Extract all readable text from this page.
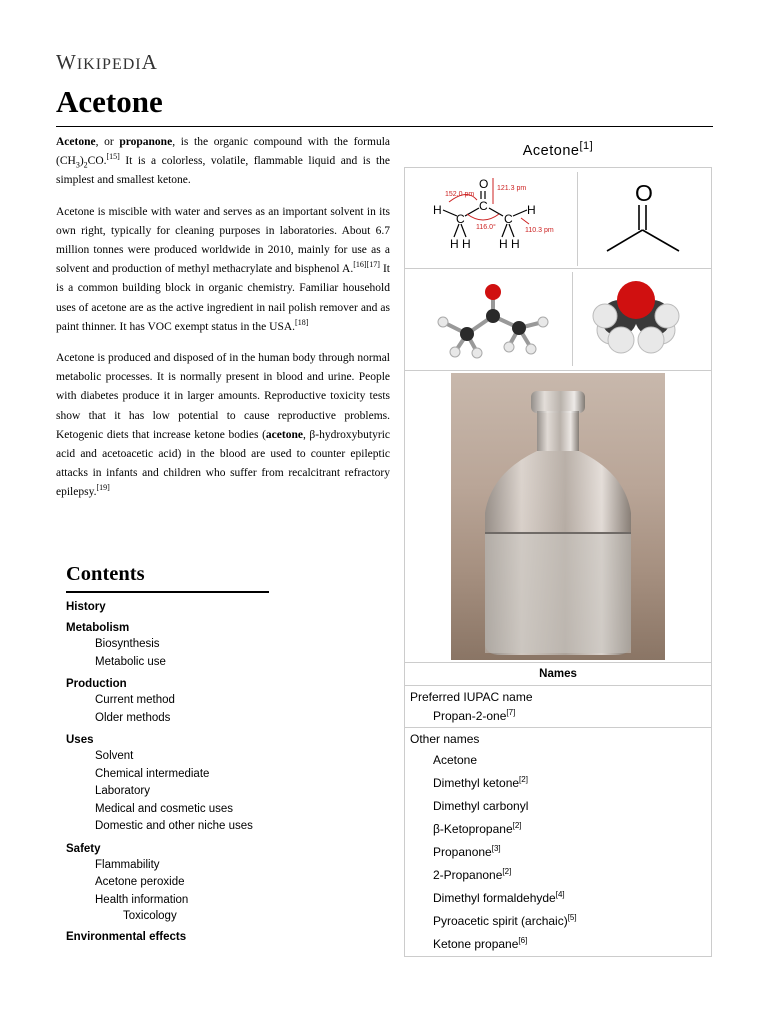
WIKIPEDIA
Acetone

Acetone, or propanone, is the organic compound with the formula $(CH_3)_2CO.[15]$ It is a colorless, volatile, flammable liquid and is the simplest and smallest ketone.

Acetone is miscible with water and serves as an important solvent in its own right, typically for cleaning purposes in laboratories. About 6.7 million tonnes were produced worldwide in 2010, mainly for use as a solvent and production of methyl methacrylate and bisphenol A.[16][17] It is a common building block in organic chemistry. Familiar household uses of acetone are as the active ingredient in nail polish remover and as paint thinner. It has VOC exempt status in the USA.[18]

Acetone is produced and disposed of in the human body through normal metabolic processes. It is normally present in blood and urine. People with diabetes produce it in larger amounts. Reproductive toxicity tests show that it has low potential to cause reproductive problems. Ketogenic diets that increase ketone bodies (acetone, β-hydroxybutyric acid and acetoacetic acid) in the blood are used to counter epileptic attacks in infants and children who suffer from recalcitrant refractory epilepsy.[19]

Contents
History
Metabolism
Biosynthesis
Metabolic use
Production
Current method
Older methods
Uses
Solvent
Chemical intermediate
Laboratory
Medical and cosmetic uses
Domestic and other niche uses
Safety
Flammability
Acetone peroxide
Health information
Toxicology
Environmental effects
Acetone[1]
O
C
C	C
H	H
H H H H
152.0 pm
121.3 pm
116.0°	110.3 pm
O
Names
Preferred IUPAC name
Propan-2-one[7]
Other names
Acetone
Dimethyl ketone[2]
Dimethyl carbonyl
β-Ketopropane[2]
Propanone[3]
2-Propanone[2]
Dimethyl formaldehyde[4]
Pyroacetic spirit (archaic)[5]
Ketone propane[6]
